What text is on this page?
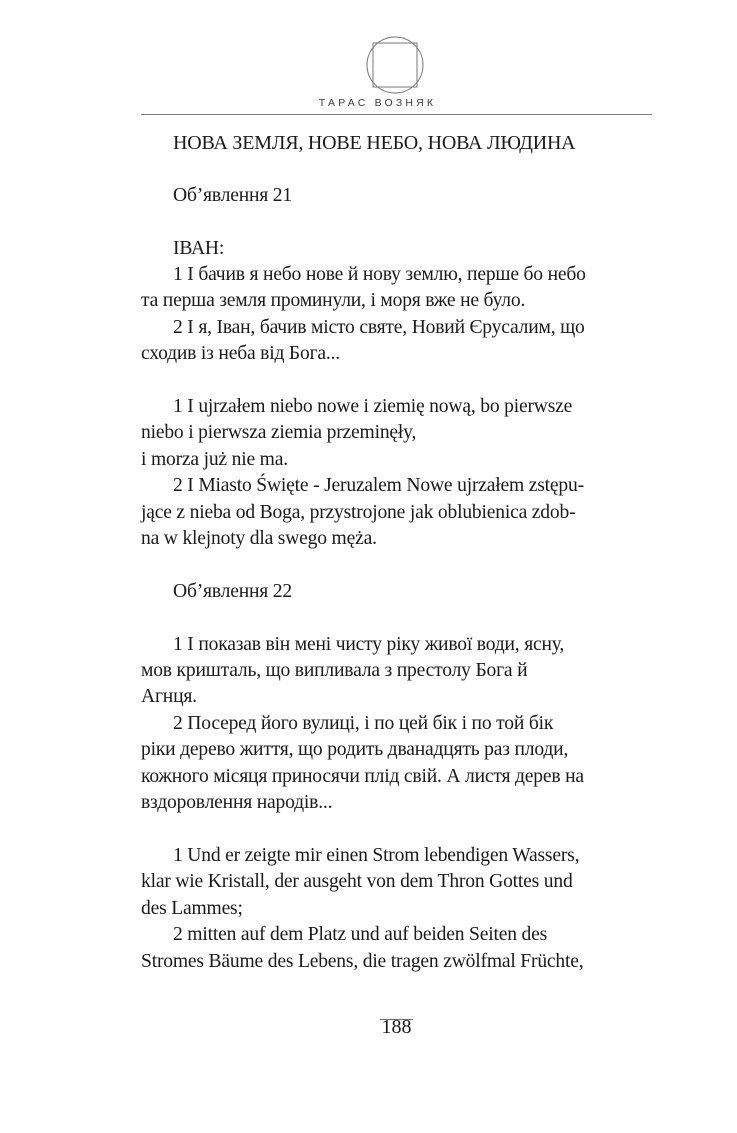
ТАРАС ВОЗНЯК

НОВА ЗЕМЛЯ, НОВЕ НЕБО, НОВА ЛЮДИНА

Об’явлення 21

ІВАН:

1 І бачив я небо нове й нову землю, перше бо небо

та перша земля проминули, і моря вже не було.

2 І я, Іван, бачив місто святе, Новий Єрусалим, що

сходив із неба від Бога...

1 I ujrzałem niebo nowe i ziemię nową, bo pierwsze

niebo i pierwsza ziemia przeminęły,

i morza już nie ma.

2 I Miasto Święte - Jeruzalem Nowe ujrzałem zstępu-

jące z nieba od Boga, przystrojone jak oblubienica zdob-

na w klejnoty dla swego męża.

Об’явлення 22

1 І показав він мені чисту ріку живої води, ясну,

мов кришталь, що випливала з престолу Бога й

Агнця.

2 Посеред його вулиці, і по цей бік і по той бік

ріки дерево життя, що родить дванадцять раз плоди,

кожного місяця приносячи плід свій. А листя дерев на

вздоровлення народів...

1 Und er zeigte mir einen Strom lebendigen Wassers,

klar wie Kristall, der ausgeht von dem Thron Gottes und

des Lammes;

2 mitten auf dem Platz und auf beiden Seiten des

Stromes Bäume des Lebens, die tragen zwölfmal Früchte,

188
